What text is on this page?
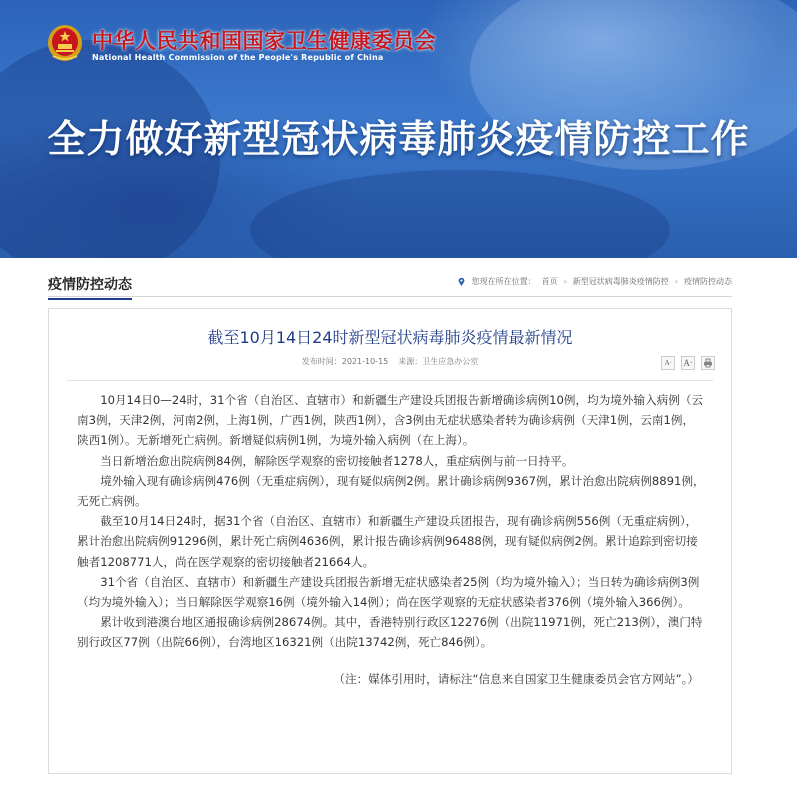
中华人民共和国国家卫生健康委员会
National Health Commission of the People's Republic of China
全力做好新型冠状病毒肺炎疫情防控工作
疫情防控动态	您现在所在位置： 首页 › 新型冠状病毒肺炎疫情防控 › 疫情防控动态
截至10月14日24时新型冠状病毒肺炎疫情最新情况
发布时间：2021-10-15 来源：卫生应急办公室	A - A +

10月14日0—24时，31个省（自治区、直辖市）和新疆生产建设兵团报告新增确诊病例10例，均为境外输入病例（云南3例，天津2例，河南2例，上海1例，广西1例，陕西1例），含3例由无症状感染者转为确诊病例（天津1例，云南1例，陕西1例）。无新增死亡病例。新增疑似病例1例，为境外输入病例（在上海）。

当日新增治愈出院病例84例，解除医学观察的密切接触者1278人，重症病例与前一日持平。

境外输入现有确诊病例476例（无重症病例），现有疑似病例2例。累计确诊病例9367例，累计治愈出院病例8891例，无死亡病例。

截至10月14日24时，据31个省（自治区、直辖市）和新疆生产建设兵团报告，现有确诊病例556例（无重症病例），累计治愈出院病例91296例，累计死亡病例4636例，累计报告确诊病例96488例，现有疑似病例2例。累计追踪到密切接触者1208771人，尚在医学观察的密切接触者21664人。

31个省（自治区、直辖市）和新疆生产建设兵团报告新增无症状感染者25例（均为境外输入）；当日转为确诊病例3例（均为境外输入）；当日解除医学观察16例（境外输入14例）；尚在医学观察的无症状感染者376例（境外输入366例）。

累计收到港澳台地区通报确诊病例28674例。其中，香港特别行政区12276例（出院11971例，死亡213例），澳门特别行政区77例（出院66例），台湾地区16321例（出院13742例，死亡846例）。

（注：媒体引用时，请标注“信息来自国家卫生健康委员会官方网站”。）
